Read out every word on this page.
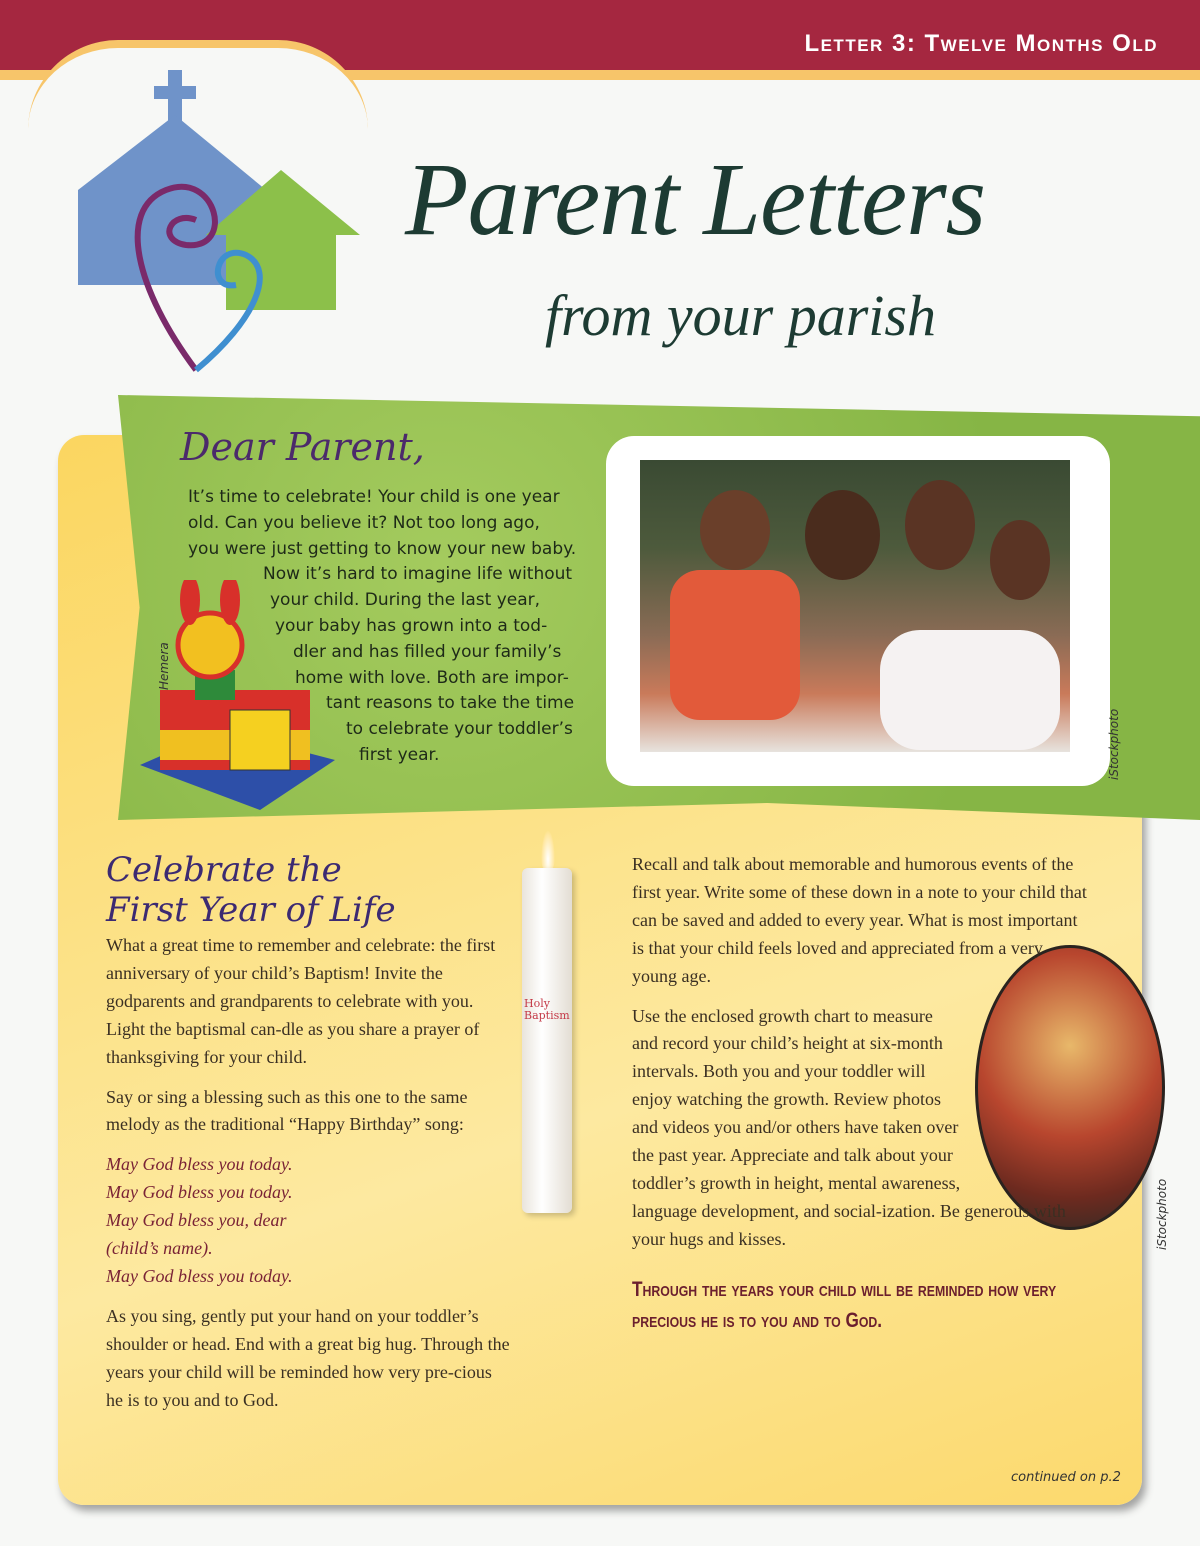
Letter 3: Twelve Months Old
Parent Letters
from your parish
Dear Parent,
It’s time to celebrate! Your child is one year
old. Can you believe it? Not too long ago,
you were just getting to know your new baby.
Now it’s hard to imagine life without
your child. During the last year,
your baby has grown into a tod-
dler and has filled your family’s
home with love. Both are impor-
tant reasons to take the time
to celebrate your toddler’s
first year.
Hemera
iStockphoto
Celebrate the
First Year of Life
Holy Baptism

What a great time to remember and celebrate: the first anniversary of your child’s Baptism! Invite the godparents and grandparents to celebrate with you. Light the baptismal can-dle as you share a prayer of thanksgiving for your child.

Say or sing a blessing such as this one to the same melody as the traditional “Happy Birthday” song:

May God bless you today.
May God bless you today.
May God bless you, dear
(child’s name).
May God bless you today.

As you sing, gently put your hand on your toddler’s shoulder or head. End with a great big hug. Through the years your child will be reminded how very pre-cious he is to you and to God.

iStockphoto

Recall and talk about memorable and humorous events of the first year. Write some of these down in a note to your child that can be saved and added to every year. What is most important is that your child feels loved and appreciated from a very young age.

Use the enclosed growth chart to measure and record your child’s height at six-month intervals. Both you and your toddler will enjoy watching the growth. Review photos and videos you and/or others have taken over the past year. Appreciate and talk about your toddler’s growth in height, mental awareness, language development, and social-ization. Be generous with your hugs and kisses.

Through the years your child will be reminded how very precious he is to you and to God.
continued on p.2
